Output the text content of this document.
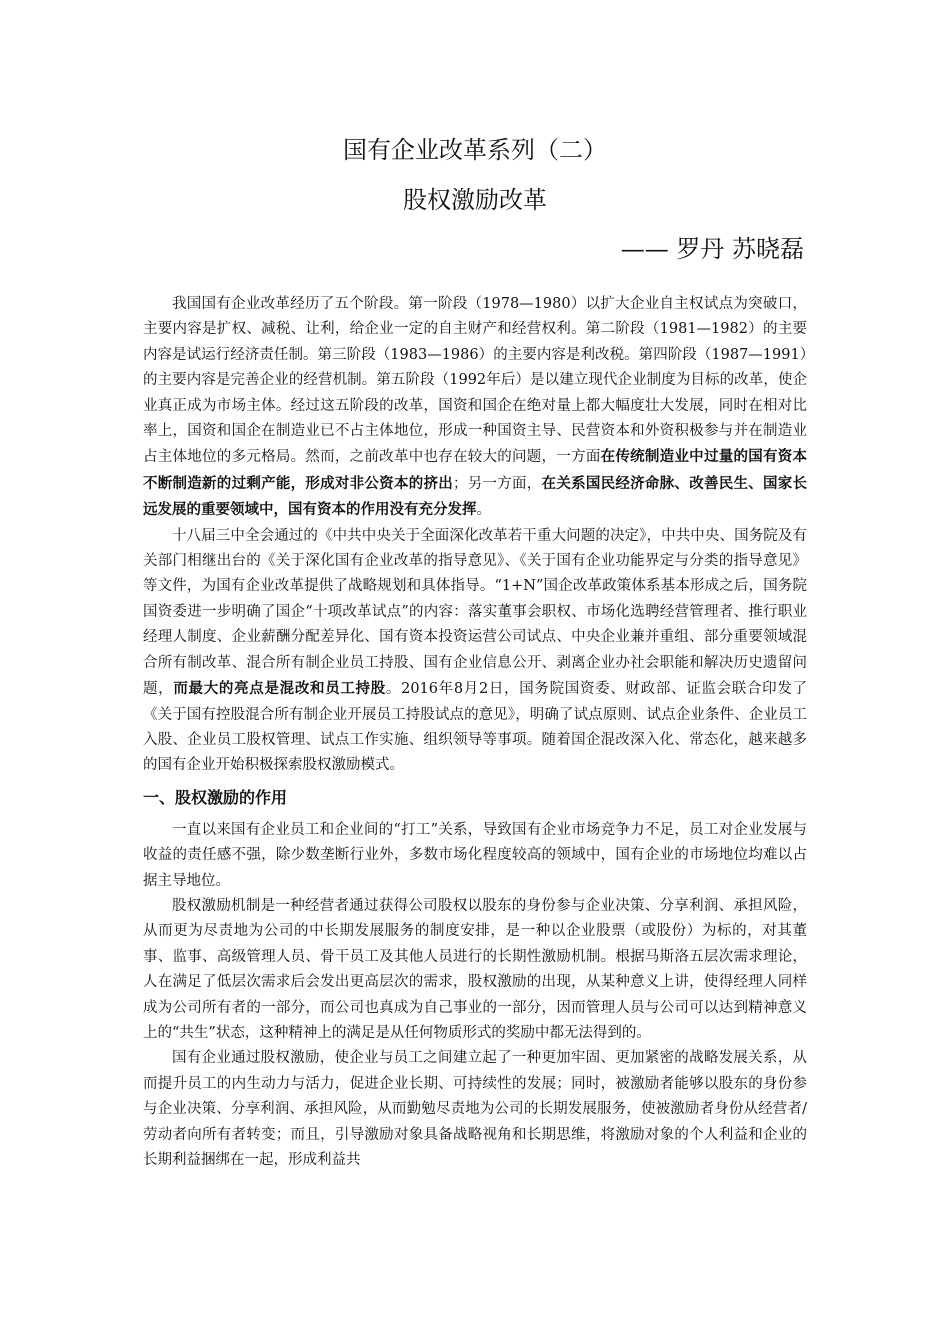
国有企业改革系列（二）
股权激励改革
—— 罗丹 苏晓磊

我国国有企业改革经历了五个阶段。第一阶段（1978—1980）以扩大企业自主权试点为突破口，主要内容是扩权、减税、让利，给企业一定的自主财产和经营权利。第二阶段（1981—1982）的主要内容是试运行经济责任制。第三阶段（1983—1986）的主要内容是利改税。第四阶段（1987—1991）的主要内容是完善企业的经营机制。第五阶段（1992年后）是以建立现代企业制度为目标的改革，使企业真正成为市场主体。经过这五阶段的改革，国资和国企在绝对量上都大幅度壮大发展，同时在相对比率上，国资和国企在制造业已不占主体地位，形成一种国资主导、民营资本和外资积极参与并在制造业占主体地位的多元格局。然而，之前改革中也存在较大的问题，一方面在传统制造业中过量的国有资本不断制造新的过剩产能，形成对非公资本的挤出；另一方面，在关系国民经济命脉、改善民生、国家长远发展的重要领域中，国有资本的作用没有充分发挥。

十八届三中全会通过的《中共中央关于全面深化改革若干重大问题的决定》，中共中央、国务院及有关部门相继出台的《关于深化国有企业改革的指导意见》、《关于国有企业功能界定与分类的指导意见》等文件，为国有企业改革提供了战略规划和具体指导。“1+N”国企改革政策体系基本形成之后，国务院国资委进一步明确了国企“十项改革试点”的内容：落实董事会职权、市场化选聘经营管理者、推行职业经理人制度、企业薪酬分配差异化、国有资本投资运营公司试点、中央企业兼并重组、部分重要领域混合所有制改革、混合所有制企业员工持股、国有企业信息公开、剥离企业办社会职能和解决历史遗留问题，而最大的亮点是混改和员工持股。2016年8月2日，国务院国资委、财政部、证监会联合印发了《关于国有控股混合所有制企业开展员工持股试点的意见》，明确了试点原则、试点企业条件、企业员工入股、企业员工股权管理、试点工作实施、组织领导等事项。随着国企混改深入化、常态化，越来越多的国有企业开始积极探索股权激励模式。

一、股权激励的作用

一直以来国有企业员工和企业间的“打工”关系，导致国有企业市场竞争力不足，员工对企业发展与收益的责任感不强，除少数垄断行业外，多数市场化程度较高的领域中，国有企业的市场地位均难以占据主导地位。

股权激励机制是一种经营者通过获得公司股权以股东的身份参与企业决策、分享利润、承担风险，从而更为尽责地为公司的中长期发展服务的制度安排，是一种以企业股票（或股份）为标的，对其董事、监事、高级管理人员、骨干员工及其他人员进行的长期性激励机制。根据马斯洛五层次需求理论，人在满足了低层次需求后会发出更高层次的需求，股权激励的出现，从某种意义上讲，使得经理人同样成为公司所有者的一部分，而公司也真成为自己事业的一部分，因而管理人员与公司可以达到精神意义上的“共生”状态，这种精神上的满足是从任何物质形式的奖励中都无法得到的。

国有企业通过股权激励，使企业与员工之间建立起了一种更加牢固、更加紧密的战略发展关系，从而提升员工的内生动力与活力，促进企业长期、可持续性的发展；同时，被激励者能够以股东的身份参与企业决策、分享利润、承担风险，从而勤勉尽责地为公司的长期发展服务，使被激励者身份从经营者/劳动者向所有者转变；而且，引导激励对象具备战略视角和长期思维，将激励对象的个人利益和企业的长期利益捆绑在一起，形成利益共
